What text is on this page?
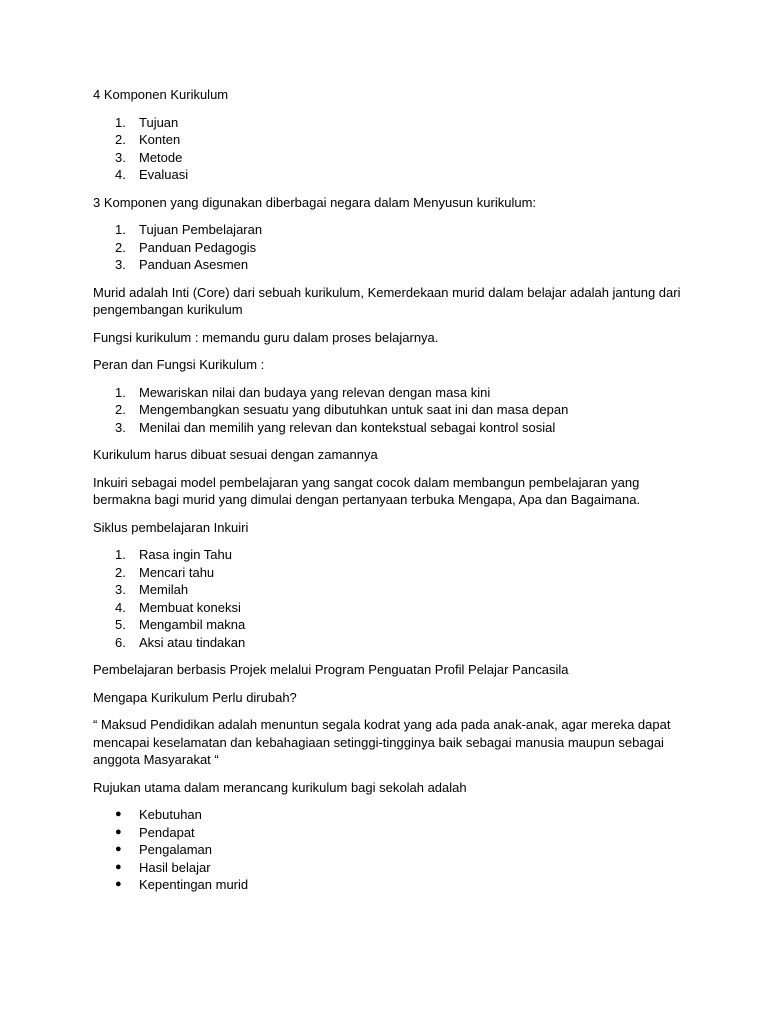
4 Komponen Kurikulum

1. Tujuan
2. Konten
3. Metode
4. Evaluasi

3 Komponen yang digunakan diberbagai negara dalam Menyusun kurikulum:

1. Tujuan Pembelajaran
2. Panduan Pedagogis
3. Panduan Asesmen

Murid adalah Inti (Core) dari sebuah kurikulum, Kemerdekaan murid dalam belajar adalah jantung dari pengembangan kurikulum

Fungsi kurikulum : memandu guru dalam proses belajarnya.

Peran dan Fungsi Kurikulum :

1. Mewariskan nilai dan budaya yang relevan dengan masa kini
2. Mengembangkan sesuatu yang dibutuhkan untuk saat ini dan masa depan
3. Menilai dan memilih yang relevan dan kontekstual sebagai kontrol sosial

Kurikulum harus dibuat sesuai dengan zamannya

Inkuiri sebagai model pembelajaran yang sangat cocok dalam membangun pembelajaran yang bermakna bagi murid yang dimulai dengan pertanyaan terbuka Mengapa, Apa dan Bagaimana.

Siklus pembelajaran Inkuiri

1. Rasa ingin Tahu
2. Mencari tahu
3. Memilah
4. Membuat koneksi
5. Mengambil makna
6. Aksi atau tindakan

Pembelajaran berbasis Projek melalui Program Penguatan Profil Pelajar Pancasila

Mengapa Kurikulum Perlu dirubah?

“ Maksud Pendidikan adalah menuntun segala kodrat yang ada pada anak-anak, agar mereka dapat mencapai keselamatan dan kebahagiaan setinggi-tingginya baik sebagai manusia maupun sebagai anggota Masyarakat “

Rujukan utama dalam merancang kurikulum bagi sekolah adalah

●	Kebutuhan
●	Pendapat
●	Pengalaman
●	Hasil belajar
●	Kepentingan murid
